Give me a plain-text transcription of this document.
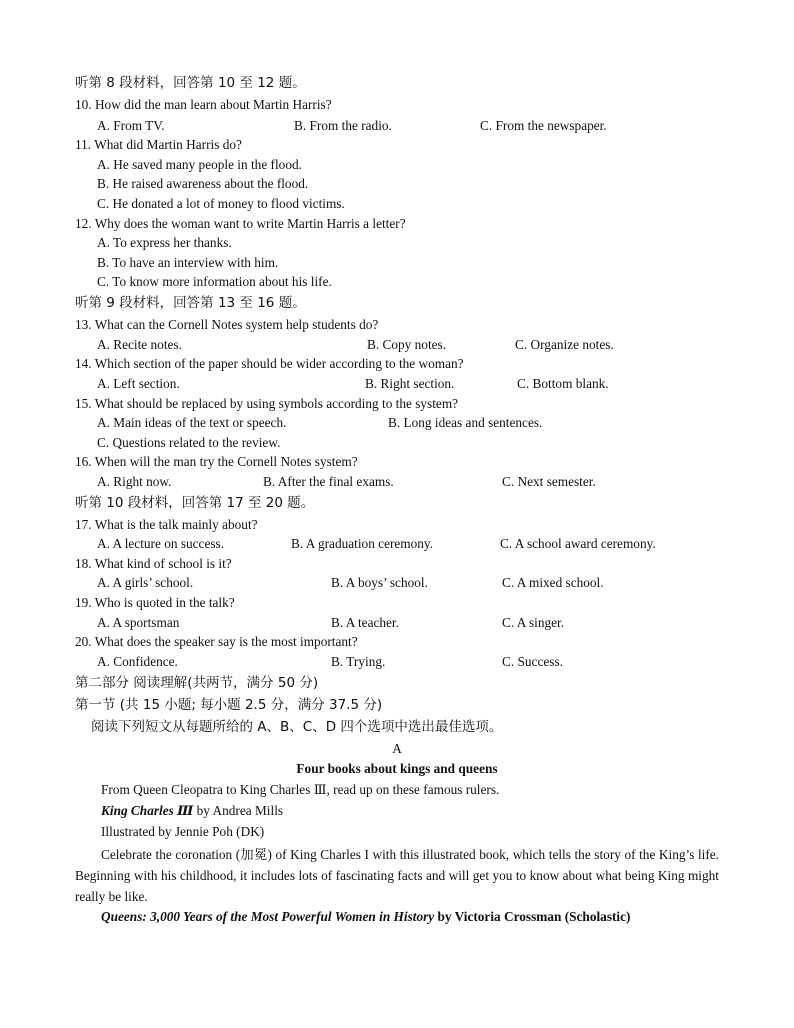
听第 8 段材料，回答第 10 至 12 题。
10. How did the man learn about Martin Harris?
A. From TV.	B. From the radio.	C. From the newspaper.
11. What did Martin Harris do?
A. He saved many people in the flood.
B. He raised awareness about the flood.
C. He donated a lot of money to flood victims.
12. Why does the woman want to write Martin Harris a letter?
A. To express her thanks.
B. To have an interview with him.
C. To know more information about his life.
听第 9 段材料，回答第 13 至 16 题。
13. What can the Cornell Notes system help students do?
A. Recite notes.	B. Copy notes.	C. Organize notes.
14. Which section of the paper should be wider according to the woman?
A. Left section.	B. Right section.	C. Bottom blank.
15. What should be replaced by using symbols according to the system?
A. Main ideas of the text or speech.	B. Long ideas and sentences.
C. Questions related to the review.
16. When will the man try the Cornell Notes system?
A. Right now.	B. After the final exams.	C. Next semester.
听第 10 段材料，回答第 17 至 20 题。
17. What is the talk mainly about?
A. A lecture on success.	B. A graduation ceremony.	C. A school award ceremony.
18. What kind of school is it?
A. A girls’ school.	B. A boys’ school.	C. A mixed school.
19. Who is quoted in the talk?
A. A sportsman	B. A teacher.	C. A singer.
20. What does the speaker say is the most important?
A. Confidence.	B. Trying.	C. Success.
第二部分 阅读理解(共两节，满分 50 分)
第一节 (共 15 小题; 每小题 2.5 分，满分 37.5 分)
阅读下列短文从每题所给的 A、B、C、D 四个选项中选出最佳选项。
A
Four books about kings and queens
From Queen Cleopatra to King Charles Ⅲ, read up on these famous rulers.
King Charles Ⅲ by Andrea Mills
Illustrated by Jennie Poh (DK)
Celebrate the coronation (加冕) of King Charles I with this illustrated book, which tells the story of the King’s life. Beginning with his childhood, it includes lots of fascinating facts and will get you to know about what being King might really be like.
Queens: 3,000 Years of the Most Powerful Women in History by Victoria Crossman (Scholastic)
